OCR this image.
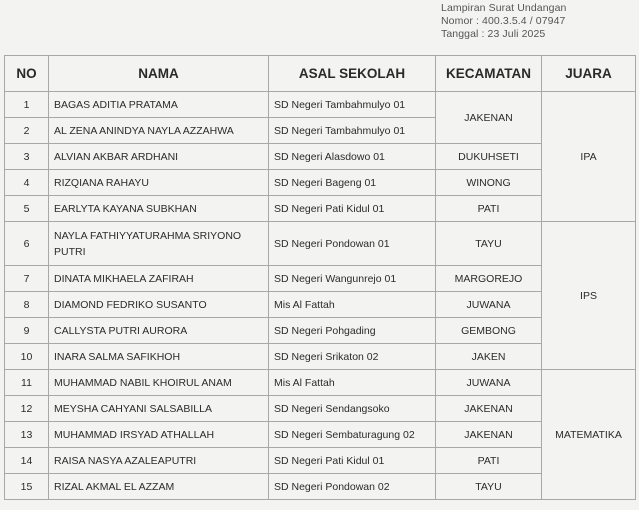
Lampiran Surat Undangan
Nomor : 400.3.5.4 / 07947
Tanggal : 23 Juli 2025
NO	NAMA	ASAL SEKOLAH	KECAMATAN	JUARA
1	BAGAS ADITIA PRATAMA	SD Negeri Tambahmulyo 01	JAKENAN	IPA
2	AL ZENA ANINDYA NAYLA AZZAHWA	SD Negeri Tambahmulyo 01		
3	ALVIAN AKBAR ARDHANI	SD Negeri Alasdowo 01	DUKUHSETI	
4	RIZQIANA RAHAYU	SD Negeri Bageng 01	WINONG	
5	EARLYTA KAYANA SUBKHAN	SD Negeri Pati Kidul 01	PATI	
6	NAYLA FATHIYYATURAHMA SRIYONO PUTRI	SD Negeri Pondowan 01	TAYU	IPS
7	DINATA MIKHAELA ZAFIRAH	SD Negeri Wangunrejo 01	MARGOREJO	
8	DIAMOND FEDRIKO SUSANTO	Mis Al Fattah	JUWANA	
9	CALLYSTA PUTRI AURORA	SD Negeri Pohgading	GEMBONG	
10	INARA SALMA SAFIKHOH	SD Negeri Srikaton 02	JAKEN	
11	MUHAMMAD NABIL KHOIRUL ANAM	Mis Al Fattah	JUWANA	MATEMATIKA
12	MEYSHA CAHYANI SALSABILLA	SD Negeri Sendangsoko	JAKENAN	
13	MUHAMMAD IRSYAD ATHALLAH	SD Negeri Sembaturagung 02	JAKENAN	
14	RAISA NASYA AZALEAPUTRI	SD Negeri Pati Kidul 01	PATI	
15	RIZAL AKMAL EL AZZAM	SD Negeri Pondowan 02	TAYU	
